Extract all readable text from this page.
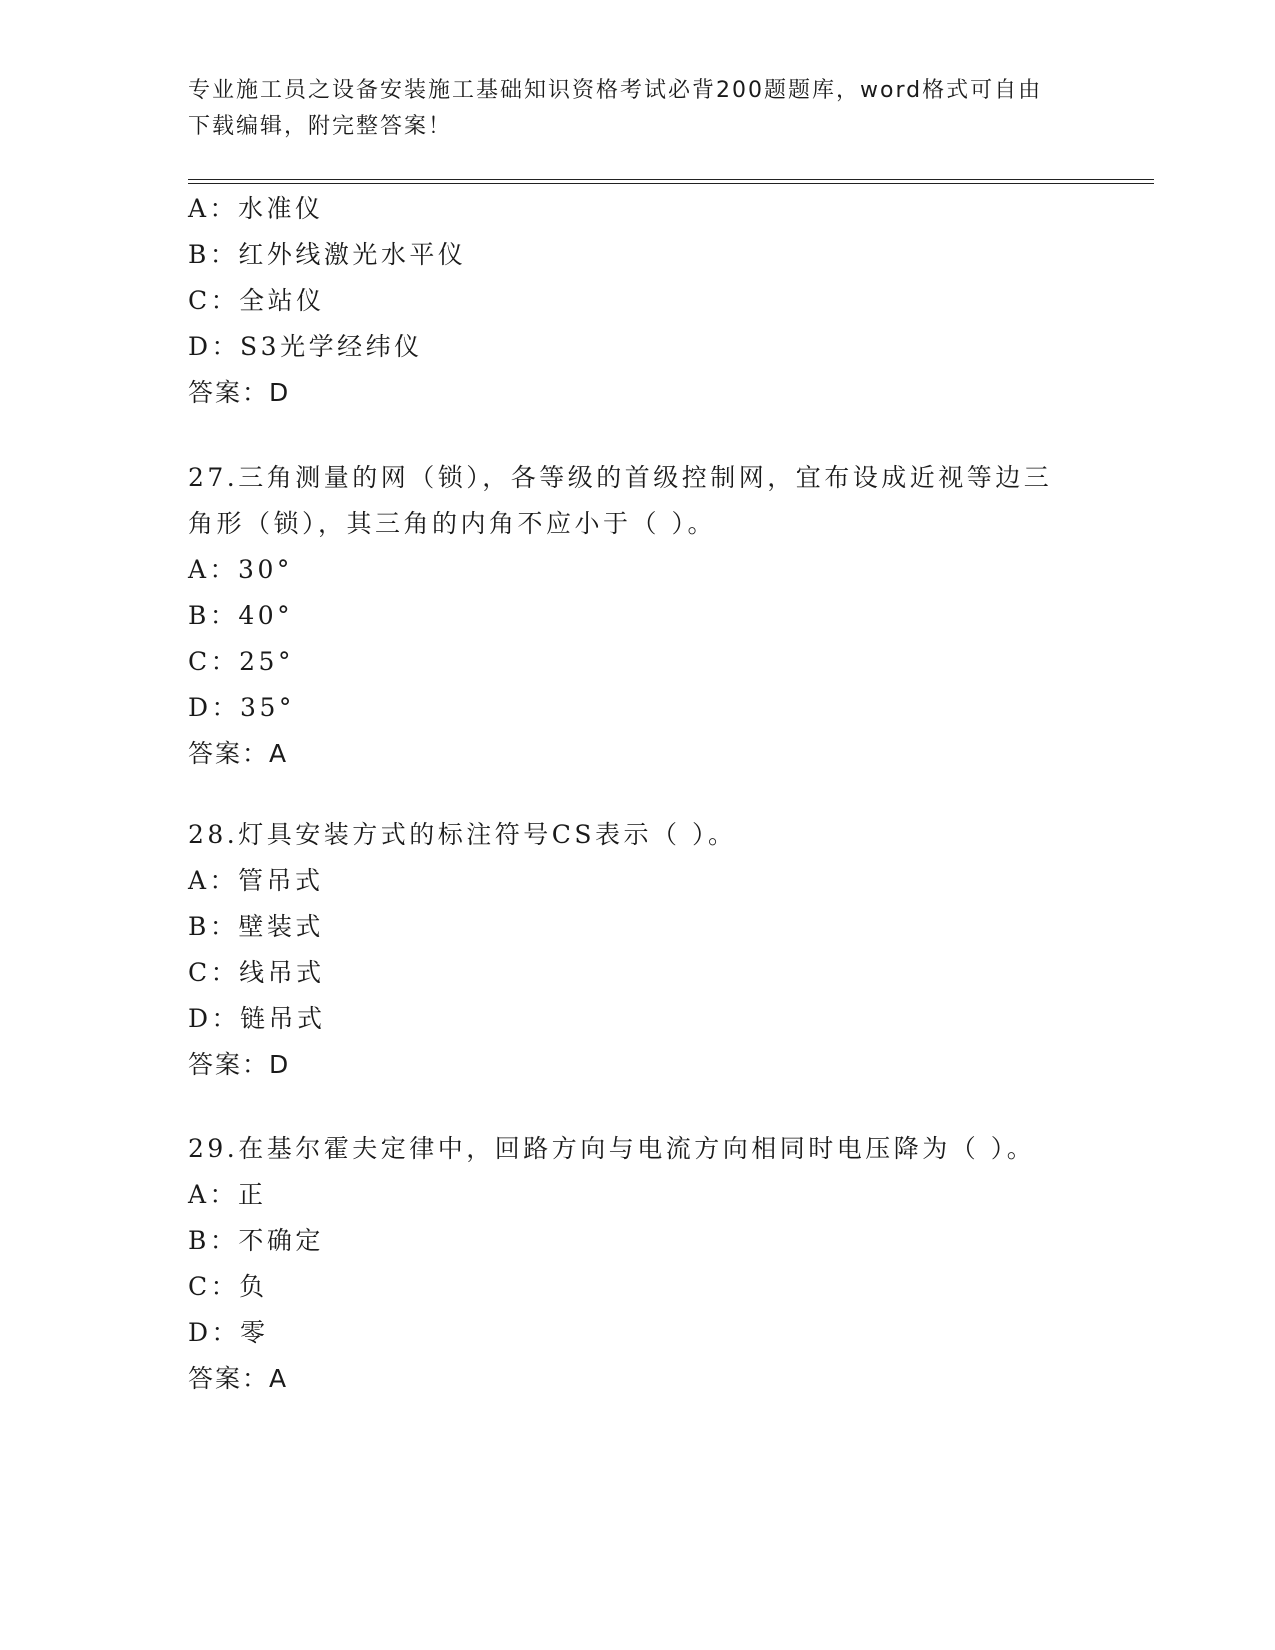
专业施工员之设备安装施工基础知识资格考试必背200题题库，word格式可自由
下载编辑，附完整答案！
A：水准仪
B：红外线激光水平仪
C：全站仪
D：S3光学经纬仪
答案：D
27.三角测量的网（锁），各等级的首级控制网，宜布设成近视等边三
角形（锁），其三角的内角不应小于（ ）。
A：30°
B：40°
C：25°
D：35°
答案：A
28.灯具安装方式的标注符号CS表示（ ）。
A：管吊式
B：壁装式
C：线吊式
D：链吊式
答案：D
29.在基尔霍夫定律中，回路方向与电流方向相同时电压降为（ ）。
A：正
B：不确定
C：负
D：零
答案：A
